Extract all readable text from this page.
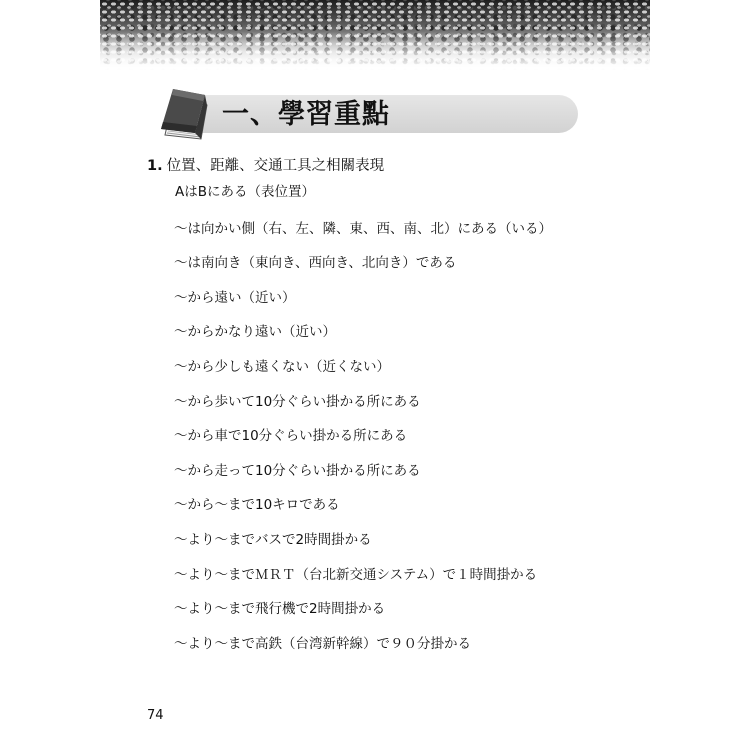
一、學習重點
1. 位置、距離、交通工具之相關表現
AはBにある（表位置）
～は向かい側（右、左、隣、東、西、南、北）にある（いる）
～は南向き（東向き、西向き、北向き）である
～から遠い（近い）
～からかなり遠い（近い）
～から少しも遠くない（近くない）
～から歩いて10分ぐらい掛かる所にある
～から車で10分ぐらい掛かる所にある
～から走って10分ぐらい掛かる所にある
～から～まで10キロである
～より～までバスで2時間掛かる
～より～までＭＲＴ（台北新交通システム）で１時間掛かる
～より～まで飛行機で2時間掛かる
～より～まで高鉄（台湾新幹線）で９０分掛かる
74
